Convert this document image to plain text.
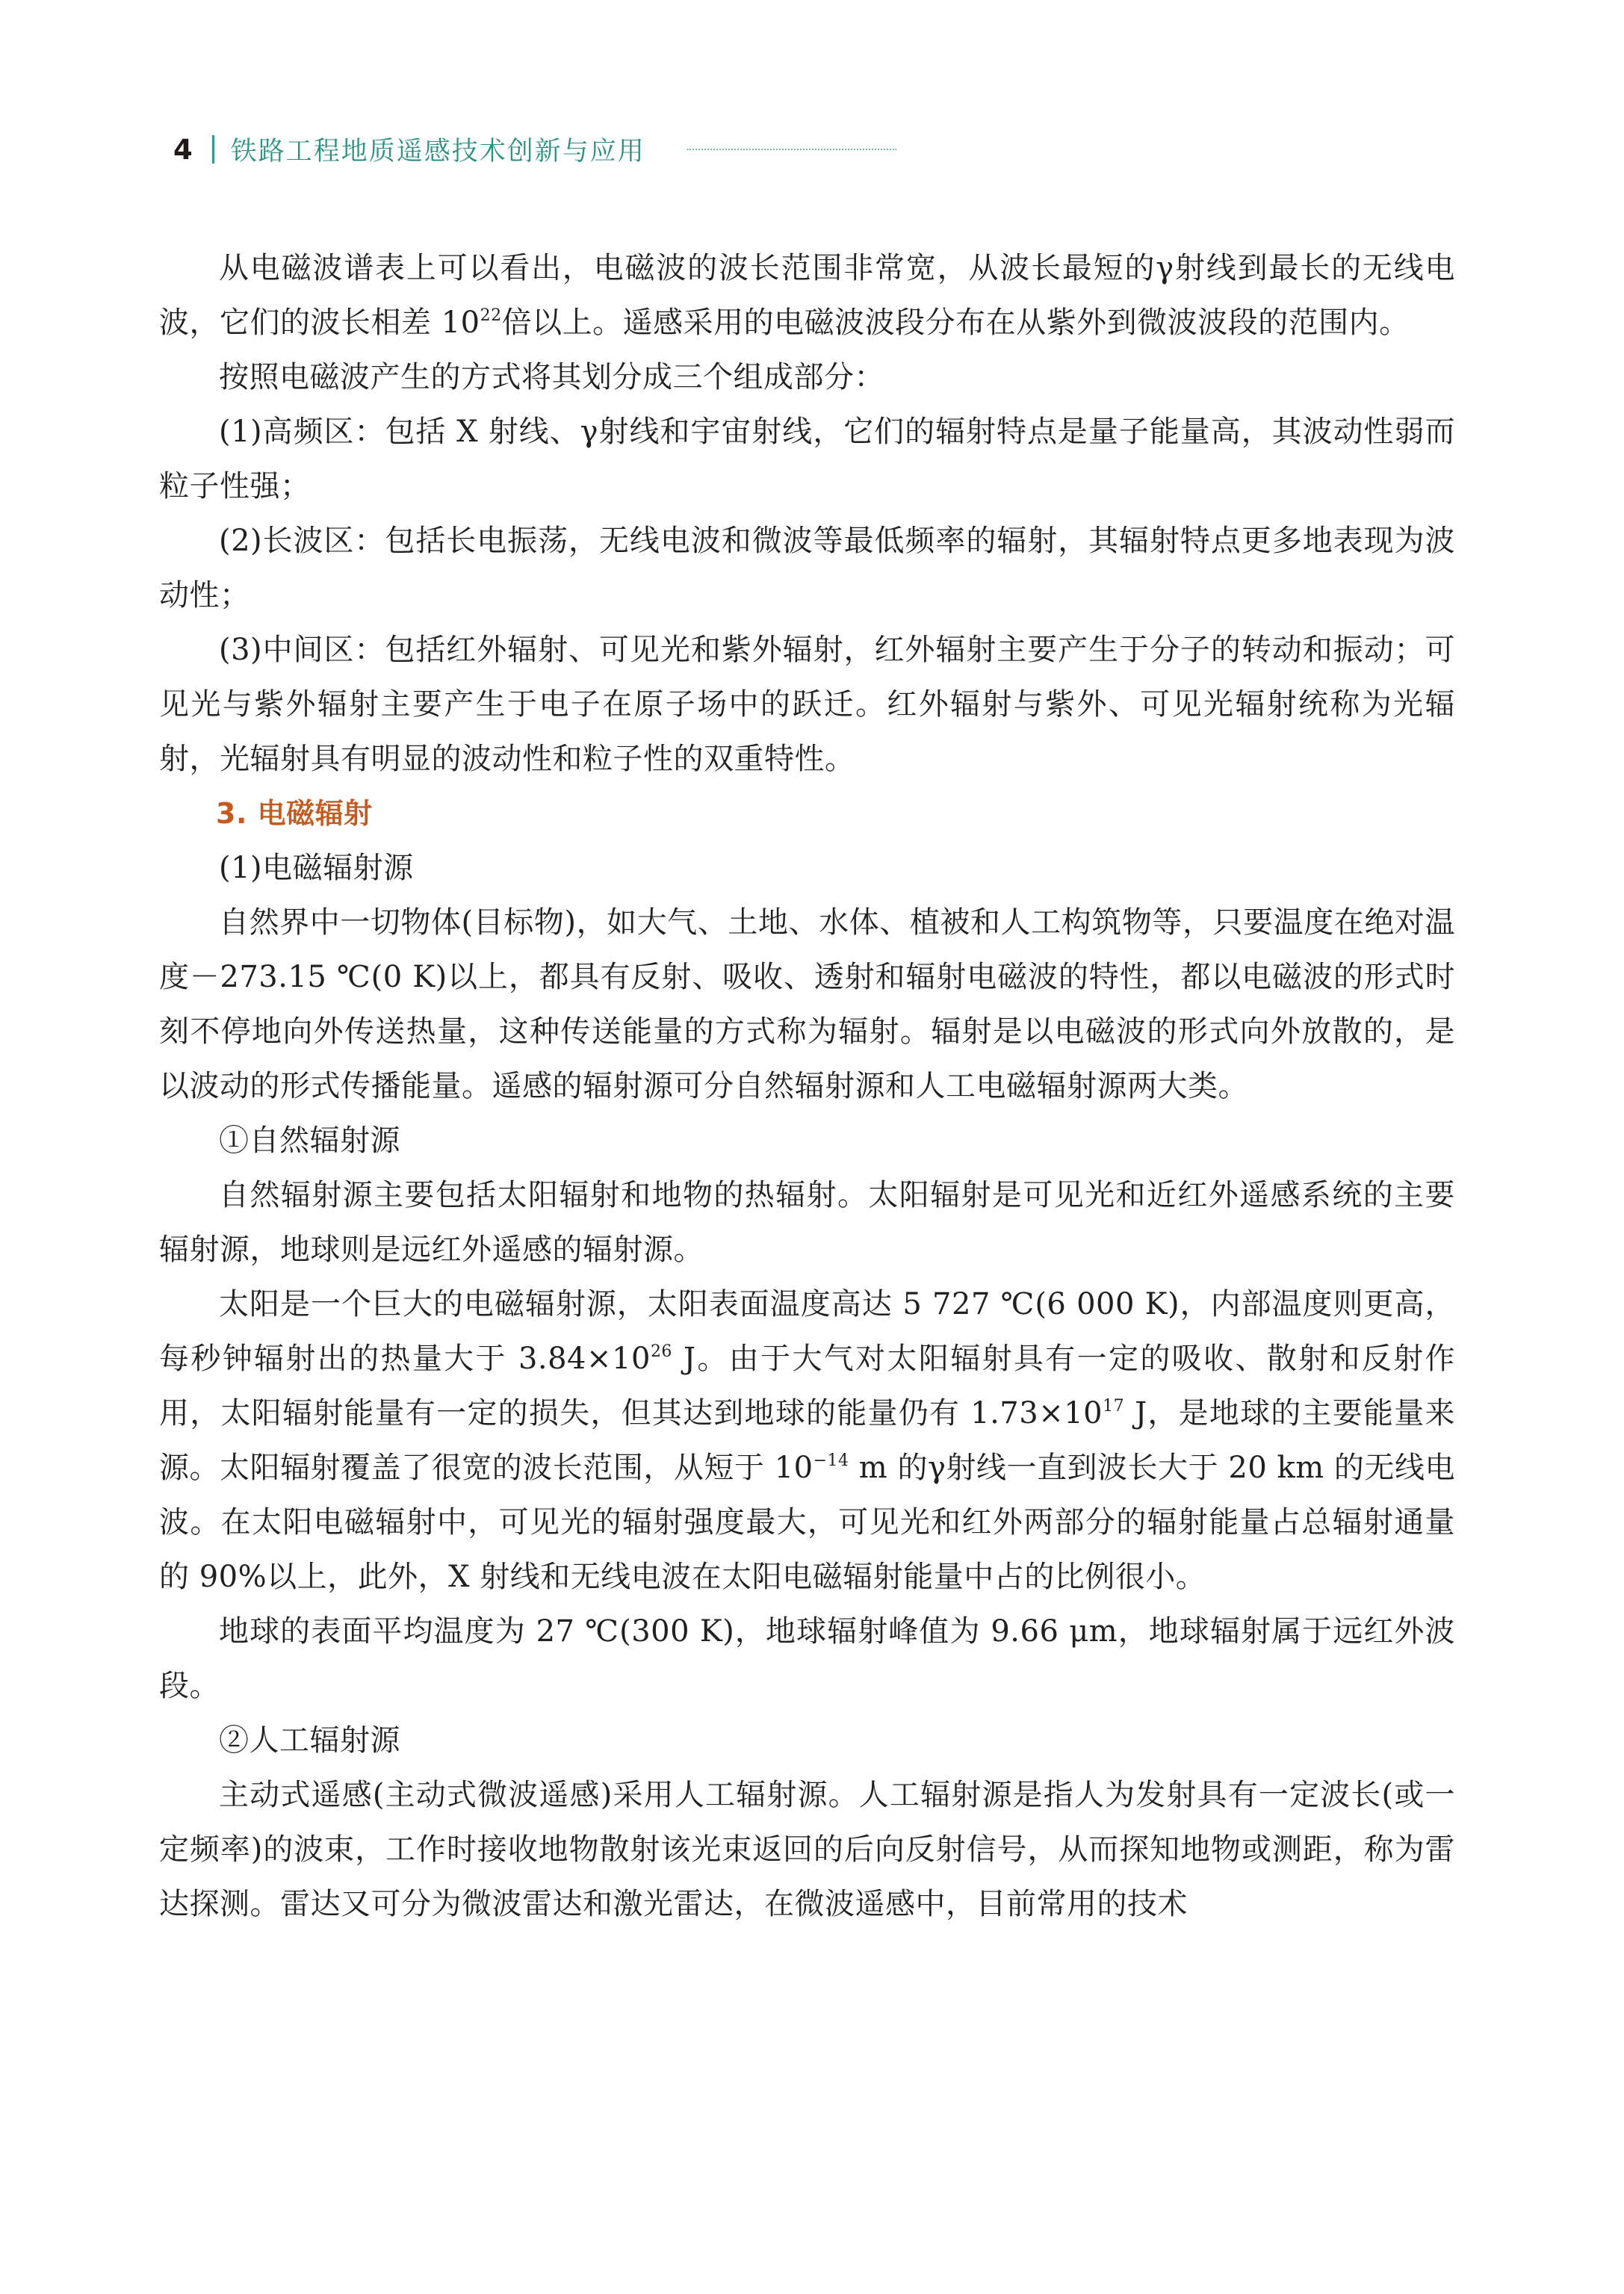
4 铁路工程地质遥感技术创新与应用

从电磁波谱表上可以看出，电磁波的波长范围非常宽，从波长最短的γ射线到最长的无线电波，它们的波长相差 $10^{22}$倍以上。遥感采用的电磁波波段分布在从紫外到微波波段的范围内。

按照电磁波产生的方式将其划分成三个组成部分：

(1)高频区：包括 X 射线、γ射线和宇宙射线，它们的辐射特点是量子能量高，其波动性弱而粒子性强；

(2)长波区：包括长电振荡，无线电波和微波等最低频率的辐射，其辐射特点更多地表现为波动性；

(3)中间区：包括红外辐射、可见光和紫外辐射，红外辐射主要产生于分子的转动和振动；可见光与紫外辐射主要产生于电子在原子场中的跃迁。红外辐射与紫外、可见光辐射统称为光辐射，光辐射具有明显的波动性和粒子性的双重特性。

3. 电磁辐射

(1)电磁辐射源

自然界中一切物体(目标物)，如大气、土地、水体、植被和人工构筑物等，只要温度在绝对温度－273.15 ℃(0 K)以上，都具有反射、吸收、透射和辐射电磁波的特性，都以电磁波的形式时刻不停地向外传送热量，这种传送能量的方式称为辐射。辐射是以电磁波的形式向外放散的，是以波动的形式传播能量。遥感的辐射源可分自然辐射源和人工电磁辐射源两大类。

①自然辐射源

自然辐射源主要包括太阳辐射和地物的热辐射。太阳辐射是可见光和近红外遥感系统的主要辐射源，地球则是远红外遥感的辐射源。

太阳是一个巨大的电磁辐射源，太阳表面温度高达 5 727 ℃(6 000 K)，内部温度则更高，每秒钟辐射出的热量大于 $3.84\times 10^{26}$ J。由于大气对太阳辐射具有一定的吸收、散射和反射作用，太阳辐射能量有一定的损失，但其达到地球的能量仍有 $1.73\times 10^{17}$ J，是地球的主要能量来源。太阳辐射覆盖了很宽的波长范围，从短于 $10^{-14}$ m 的γ射线一直到波长大于 20 km 的无线电波。在太阳电磁辐射中，可见光的辐射强度最大，可见光和红外两部分的辐射能量占总辐射通量的 90%以上，此外，X 射线和无线电波在太阳电磁辐射能量中占的比例很小。

地球的表面平均温度为 27 ℃(300 K)，地球辐射峰值为 9.66 μm，地球辐射属于远红外波段。

②人工辐射源

主动式遥感(主动式微波遥感)采用人工辐射源。人工辐射源是指人为发射具有一定波长(或一定频率)的波束，工作时接收地物散射该光束返回的后向反射信号，从而探知地物或测距，称为雷达探测。雷达又可分为微波雷达和激光雷达，在微波遥感中，目前常用的技术
